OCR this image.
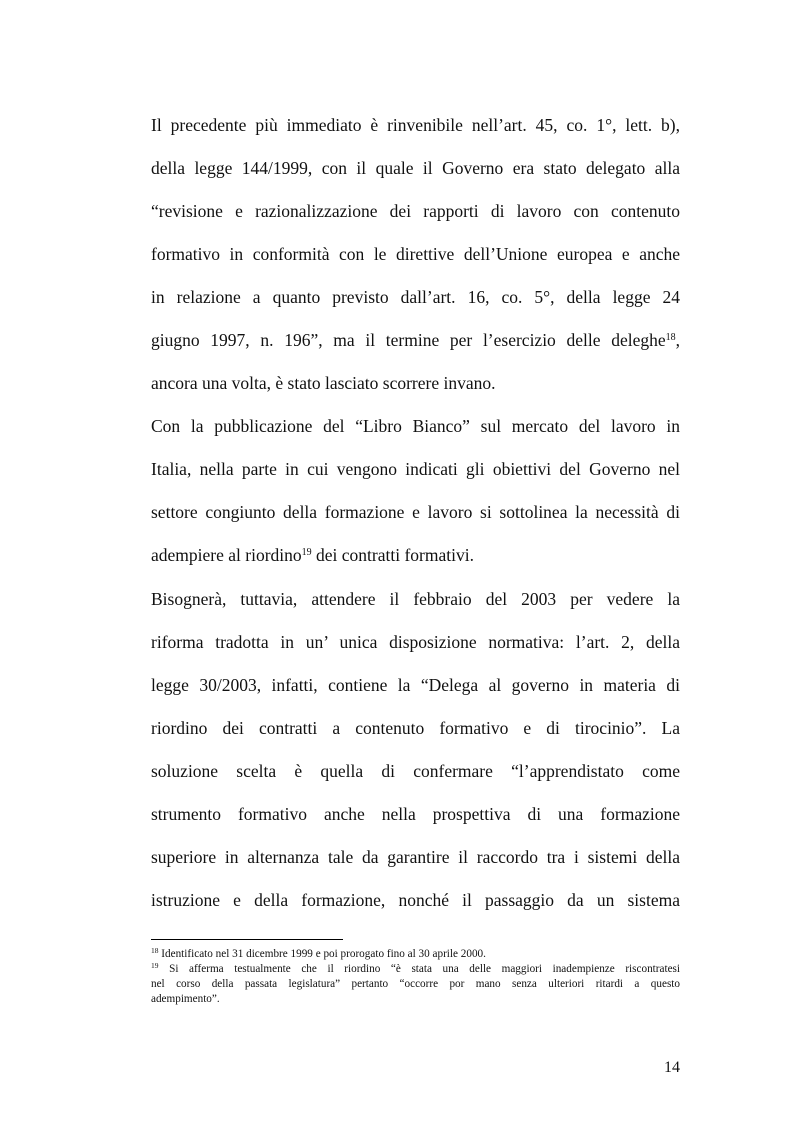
Il precedente più immediato è rinvenibile nell’art. 45, co. 1°, lett. b),
della legge 144/1999, con il quale il Governo era stato delegato alla
“revisione e razionalizzazione dei rapporti di lavoro con contenuto
formativo in conformità con le direttive dell’Unione europea e anche
in relazione a quanto previsto dall’art. 16, co. 5°, della legge 24
giugno 1997, n. 196”, ma il termine per l’esercizio delle deleghe$^{18}$,
ancora una volta, è stato lasciato scorrere invano.
Con la pubblicazione del “Libro Bianco” sul mercato del lavoro in
Italia, nella parte in cui vengono indicati gli obiettivi del Governo nel
settore congiunto della formazione e lavoro si sottolinea la necessità di
adempiere al riordino$^{19}$ dei contratti formativi.
Bisognerà, tuttavia, attendere il febbraio del 2003 per vedere la
riforma tradotta in un’ unica disposizione normativa: l’art. 2, della
legge 30/2003, infatti, contiene la “Delega al governo in materia di
riordino dei contratti a contenuto formativo e di tirocinio”. La
soluzione scelta è quella di confermare “l’apprendistato come
strumento formativo anche nella prospettiva di una formazione
superiore in alternanza tale da garantire il raccordo tra i sistemi della
istruzione e della formazione, nonché il passaggio da un sistema
$^{18}$ Identificato nel 31 dicembre 1999 e poi prorogato fino al 30 aprile 2000.
$^{19}$ Si afferma testualmente che il riordino “è stata una delle maggiori inadempienze riscontratesi
nel corso della passata legislatura” pertanto “occorre por mano senza ulteriori ritardi a questo
adempimento”.
14
